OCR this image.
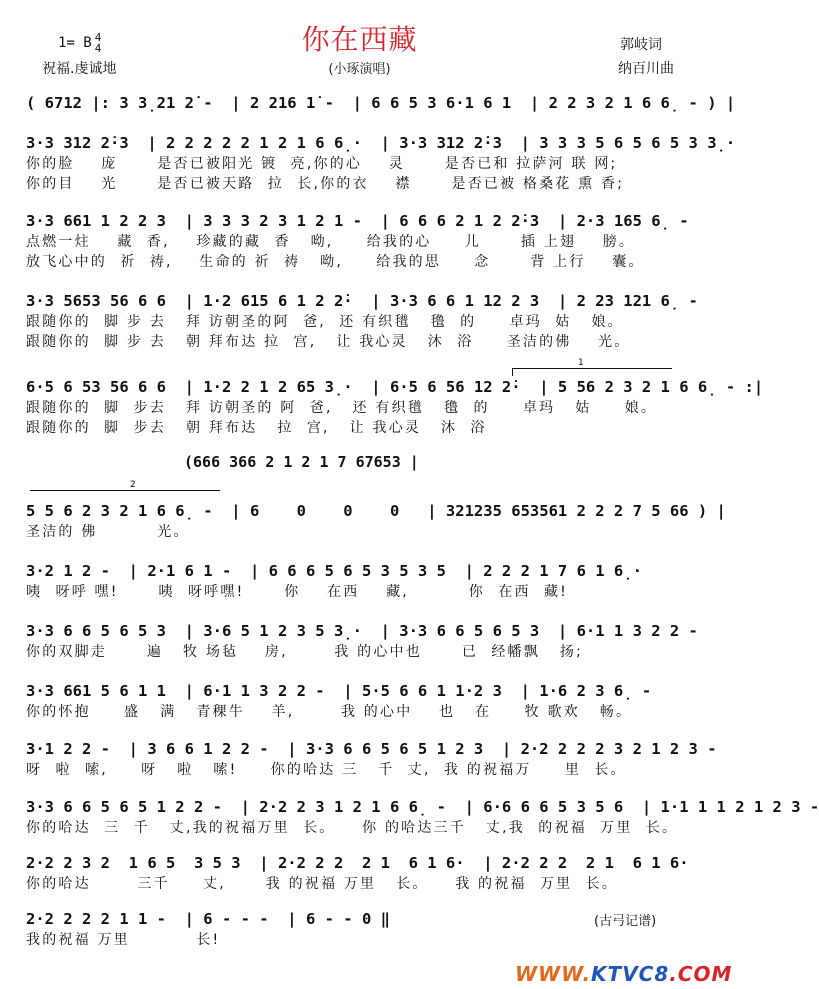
你在西藏
(小琢演唱)
1= B 4
4
祝福.虔诚地
郭岐词
纳百川曲
( 6712 |: 3 3̣21 2̇ -  | 2 216 1̇ -  | 6 6 5 3 6·1 6 1  | 2 2 3 2 1 6 6̣ - ) |
3·3 312 2̇·3  | 2 2 2 2 2 1 2 1 6 6̣·  | 3·3 312 2̇·3  | 3 3 3 5 6 5 6 5 3 3̣·
你的脸    庞      是否已被阳光 镀  亮,你的心    灵      是否已和 拉萨河 联 网;
你的目    光      是否已被天路  拉  长,你的衣    襟      是否已被 格桑花 熏 香;
3·3 661 1 2 2 3  | 3 3 3 2 3 1 2 1 -  | 6 6 6 2 1 2 2̇·3  | 2·3 165 6̣ -
点燃一炷    藏  香,    珍藏的藏  香   呦,     给我的心     儿      插 上翅    膀。
放飞心中的  祈  祷,    生命的 祈  祷   呦,     给我的思     念      背 上行    囊。
3·3 5653 56 6 6  | 1·2 615 6 1 2 2̇·  | 3·3 6 6 1 12 2 3  | 2 23 121 6̣ -
跟随你的  脚 步 去   拜 访朝圣的阿  爸,  还 有织氆   氇  的     卓玛  姑   娘。
跟随你的  脚 步 去   朝 拜布达 拉  宫,   让 我心灵   沐  浴     圣洁的佛    光。
6·5 6 53 56 6 6  | 1·2 2 1 2 65 3̣·  | 6·5 6 56 12 2̇·  | 5 56 2 3 2 1 6 6̣ - :|
跟随你的  脚  步去   拜 访朝圣的 阿  爸,   还 有织氆   氇  的     卓玛   姑     娘。
跟随你的  脚  步去   朝 拜布达   拉  宫,   让 我心灵   沐  浴
1
(666 366 2 1 2 1 7 67653 |
2
5 5 6 2 3 2 1 6 6̣ -  | 6    0    0    0   | 321235 653561 2 2 2 7 5 66 ) |
圣洁的 佛         光。
3·2 1 2 -  | 2·1 6 1 -  | 6 6 6 5 6 5 3 5 3 5  | 2 2 2 1 7 6 1 6̣·
咦  呀呼 嘿!      咦  呀呼嘿!      你    在西    藏,         你  在西  藏!
3·3 6 6 5 6 5 3  | 3·6 5 1 2 3 5 3̣·  | 3·3 6 6 5 6 5 3  | 6·1 1 3 2 2 -
你的双脚走      遍   牧 场毡    房,       我 的心中也      已  经幡飘   扬;
3·3 661 5 6 1 1  | 6·1 1 3 2 2 -  | 5·5 6 6 1 1·2 3  | 1·6 2 3 6̣ -
你的怀抱     盛   满   青稞牛    羊,       我 的心中    也   在     牧 歌欢   畅。
3·1 2 2 -  | 3 6 6 1 2 2 -  | 3·3 6 6 5 6 5 1 2 3  | 2·2 2 2 2 3 2 1 2 3 -
呀  啦  嗦,     呀   啦   嗦!     你的哈达 三   千  丈,  我 的祝福万     里  长。
3·3 6 6 5 6 5 1 2 2 -  | 2·2 2 3 1 2 1 6 6̣ -  | 6·6 6 6 5 3 5 6  | 1·1 1 1 2 1 2 3 -
你的哈达  三  千   丈,我的祝福万里  长。    你 的哈达三千   丈,我  的祝福  万里  长。
2·2 2 3 2  1 6 5  3 5 3  | 2·2 2 2  2 1  6 1 6·  | 2·2 2 2  2 1  6 1 6·
你的哈达       三千     丈,      我 的祝福 万里   长。    我 的祝福  万里  长。
2·2 2 2 2 1 1 -  | 6 - - -  | 6 - - 0 ‖
我的祝福 万里          长!
(古弓记谱)
WWW.KTVC8.COM
